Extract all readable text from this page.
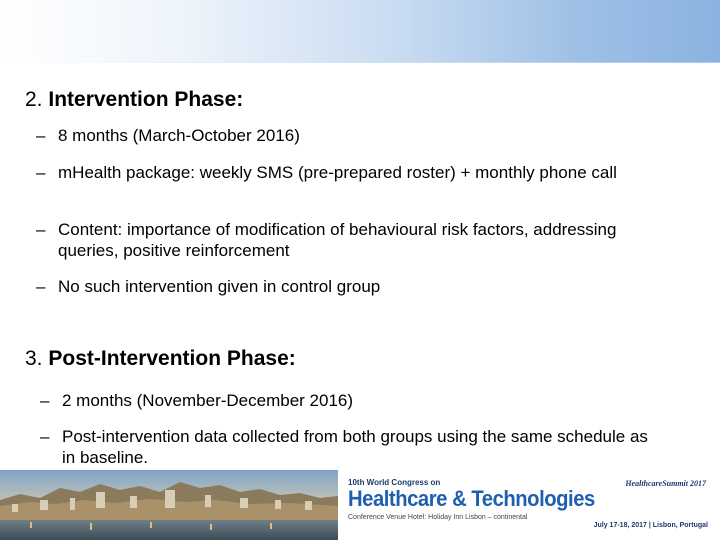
2. Intervention Phase:
– 8 months (March-October 2016)
– mHealth package: weekly SMS (pre-prepared roster) + monthly phone call
– Content: importance of modification of behavioural risk factors, addressing queries, positive reinforcement
– No such intervention given in control group
3. Post-Intervention Phase:
– 2 months (November-December 2016)
– Post-intervention data collected from both groups using the same schedule as in baseline.
10th World Congress on
Healthcare & Technologies
Conference Venue Hotel: Holiday Inn Lisbon – continental
HealthcareSummit 2017
July 17-18, 2017 | Lisbon, Portugal
